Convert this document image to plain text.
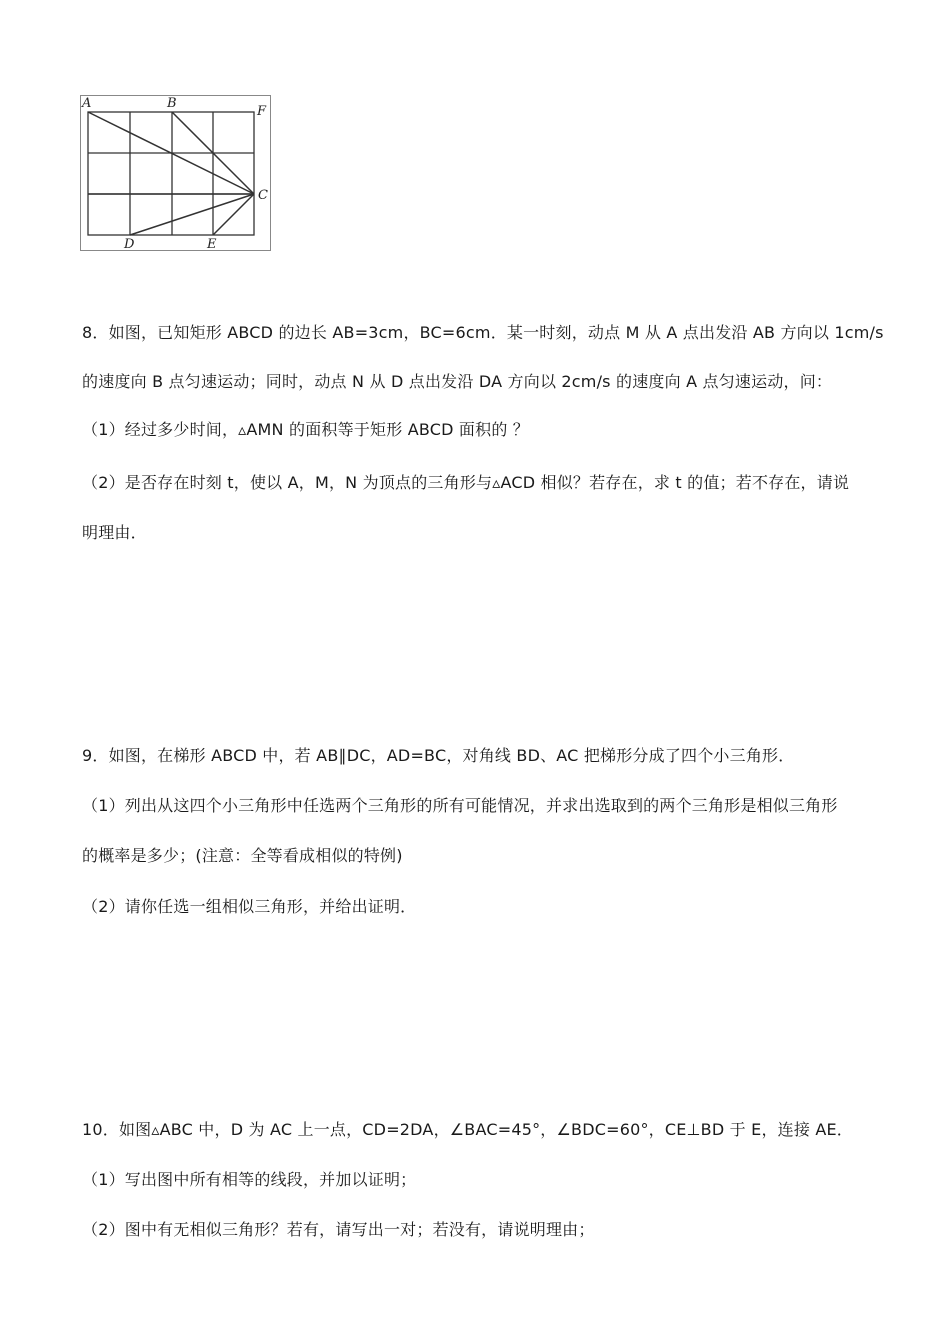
A	B
F
C
D	E
8．如图，已知矩形 ABCD 的边长 AB=3cm，BC=6cm．某一时刻，动点 M 从 A 点出发沿 AB 方向以 1cm/s
的速度向 B 点匀速运动；同时，动点 N 从 D 点出发沿 DA 方向以 2cm/s 的速度向 A 点匀速运动，问：
（1）经过多少时间，▵AMN 的面积等于矩形 ABCD 面积的 ？
（2）是否存在时刻 t，使以 A，M，N 为顶点的三角形与▵ACD 相似？若存在，求 t 的值；若不存在，请说
明理由．
9．如图，在梯形 ABCD 中，若 AB∥DC，AD=BC，对角线 BD、AC 把梯形分成了四个小三角形．
（1）列出从这四个小三角形中任选两个三角形的所有可能情况，并求出选取到的两个三角形是相似三角形
的概率是多少；(注意：全等看成相似的特例)
（2）请你任选一组相似三角形，并给出证明．
10．如图▵ABC 中，D 为 AC 上一点，CD=2DA，∠BAC=45°，∠BDC=60°，CE⊥BD 于 E，连接 AE．
（1）写出图中所有相等的线段，并加以证明；
（2）图中有无相似三角形？若有，请写出一对；若没有，请说明理由；
